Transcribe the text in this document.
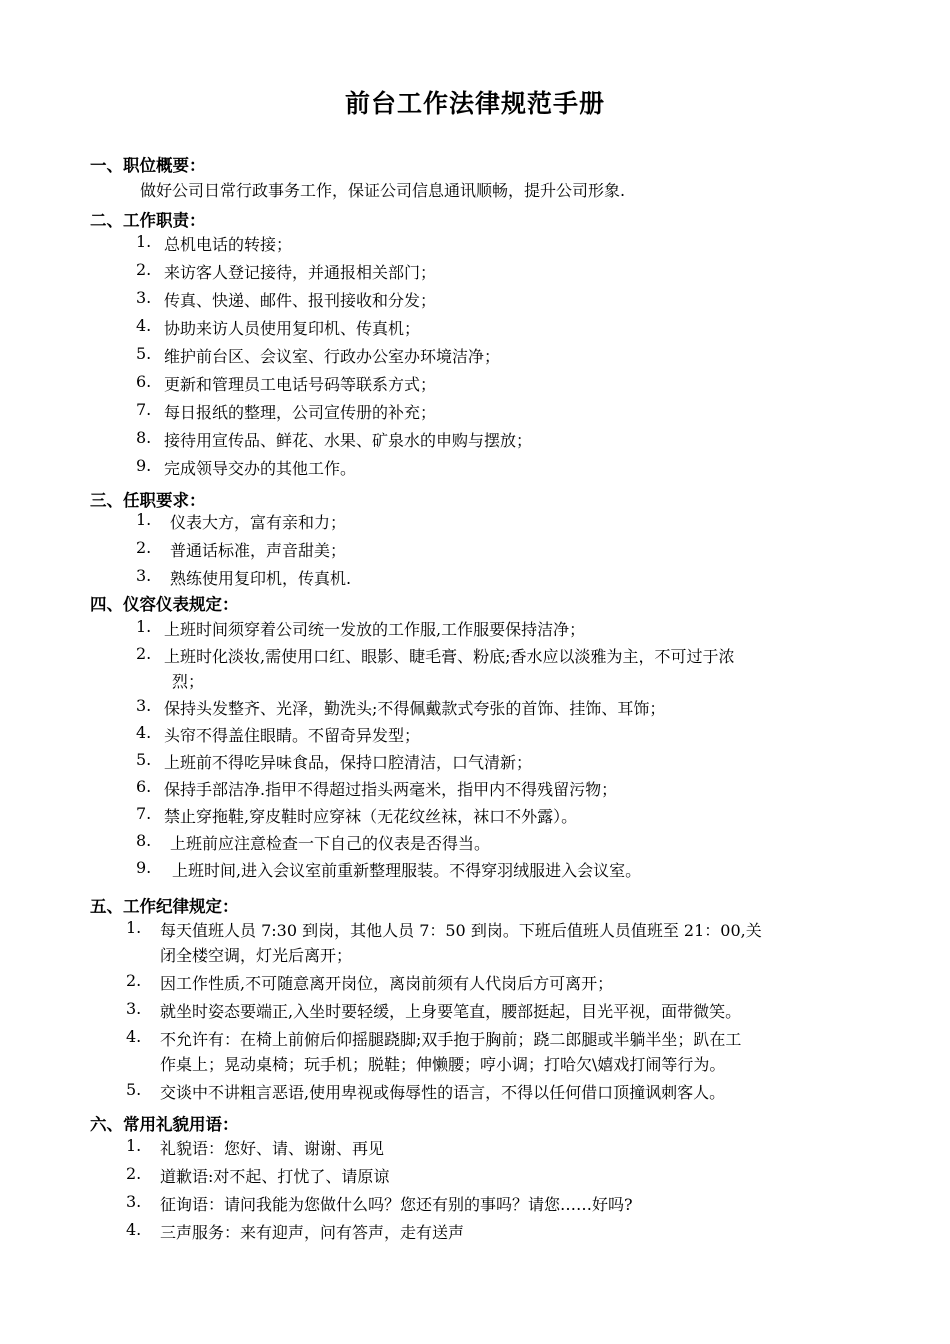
前台工作法律规范手册
一、职位概要：
做好公司日常行政事务工作，保证公司信息通讯顺畅，提升公司形象.
二、工作职责：
1. 总机电话的转接；
2. 来访客人登记接待，并通报相关部门；
3. 传真、快递、邮件、报刊接收和分发；
4. 协助来访人员使用复印机、传真机；
5. 维护前台区、会议室、行政办公室办环境洁净；
6. 更新和管理员工电话号码等联系方式；
7. 每日报纸的整理，公司宣传册的补充；
8. 接待用宣传品、鲜花、水果、矿泉水的申购与摆放；
9. 完成领导交办的其他工作。
三、任职要求：
1. 仪表大方，富有亲和力；
2. 普通话标准，声音甜美；
3. 熟练使用复印机，传真机.
四、仪容仪表规定：
1. 上班时间须穿着公司统一发放的工作服,工作服要保持洁净；
2. 上班时化淡妆,需使用口红、眼影、睫毛膏、粉底;香水应以淡雅为主，不可过于浓
烈；
3. 保持头发整齐、光泽，勤洗头;不得佩戴款式夸张的首饰、挂饰、耳饰；
4. 头帘不得盖住眼睛。不留奇异发型；
5. 上班前不得吃异味食品，保持口腔清洁，口气清新；
6. 保持手部洁净.指甲不得超过指头两毫米，指甲内不得残留污物；
7. 禁止穿拖鞋,穿皮鞋时应穿袜（无花纹丝袜，袜口不外露）。
8. 上班前应注意检查一下自己的仪表是否得当。
9. 上班时间,进入会议室前重新整理服装。不得穿羽绒服进入会议室。
五、工作纪律规定：
1. 每天值班人员 7:30 到岗，其他人员 7：50 到岗。下班后值班人员值班至 21：00,关
闭全楼空调，灯光后离开；
2. 因工作性质,不可随意离开岗位，离岗前须有人代岗后方可离开；
3. 就坐时姿态要端正,入坐时要轻缓，上身要笔直，腰部挺起，目光平视，面带微笑。
4. 不允许有：在椅上前俯后仰摇腿跷脚;双手抱于胸前；跷二郎腿或半躺半坐；趴在工
作桌上；晃动桌椅；玩手机；脱鞋；伸懒腰；哼小调；打哈欠\嬉戏打闹等行为。
5. 交谈中不讲粗言恶语,使用卑视或侮辱性的语言，不得以任何借口顶撞讽刺客人。
六、常用礼貌用语：
1. 礼貌语：您好、请、谢谢、再见
2. 道歉语:对不起、打忧了、请原谅
3. 征询语：请问我能为您做什么吗？您还有别的事吗？请您……好吗?
4. 三声服务：来有迎声，问有答声，走有送声
